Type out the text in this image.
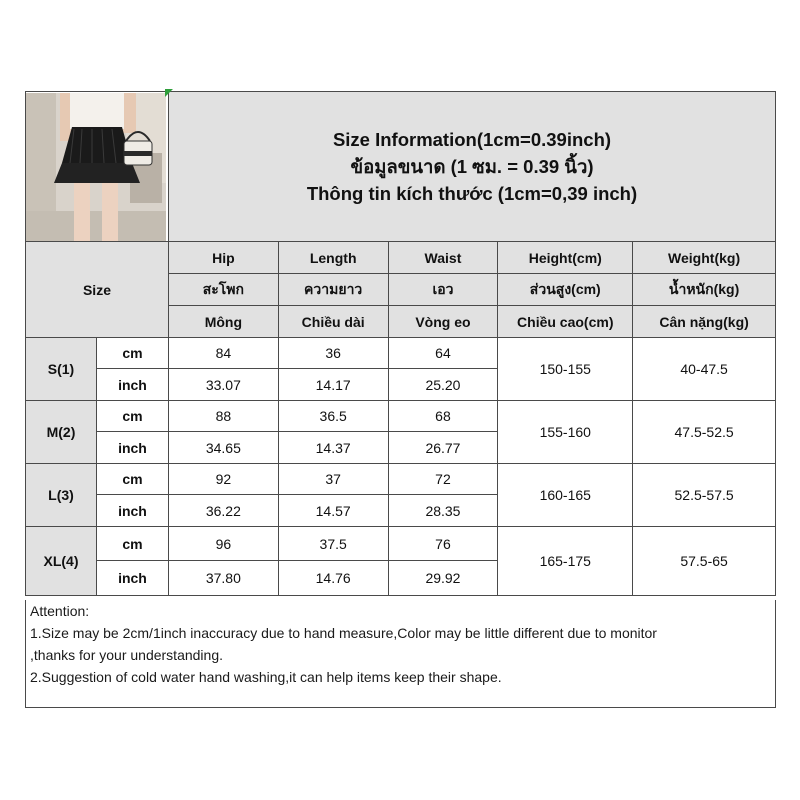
Size Information(1cm=0.39inch)
ข้อมูลขนาด (1 ซม. = 0.39 นิ้ว)
Thông tin kích thước (1cm=0,39 inch)				

Size		Hip	Length	Waist	Height(cm)	Weight(kg)
		สะโพก	ความยาว	เอว	ส่วนสูง(cm)	น้ำหนัก(kg)
		Mông	Chiều dài	Vòng eo	Chiều cao(cm)	Cân nặng(kg)
S(1)	cm	84	36	64	150-155	40-47.5
	inch	33.07	14.17	25.20		
M(2)	cm	88	36.5	68	155-160	47.5-52.5
	inch	34.65	14.37	26.77		
L(3)	cm	92	37	72	160-165	52.5-57.5
	inch	36.22	14.57	28.35		
XL(4)	cm	96	37.5	76	165-175	57.5-65
	inch	37.80	14.76	29.92		
Attention:
1.Size may be 2cm/1inch inaccuracy due to hand measure,Color may be little different due to monitor
,thanks for your understanding.
2.Suggestion of cold water hand washing,it can help items keep their shape.
